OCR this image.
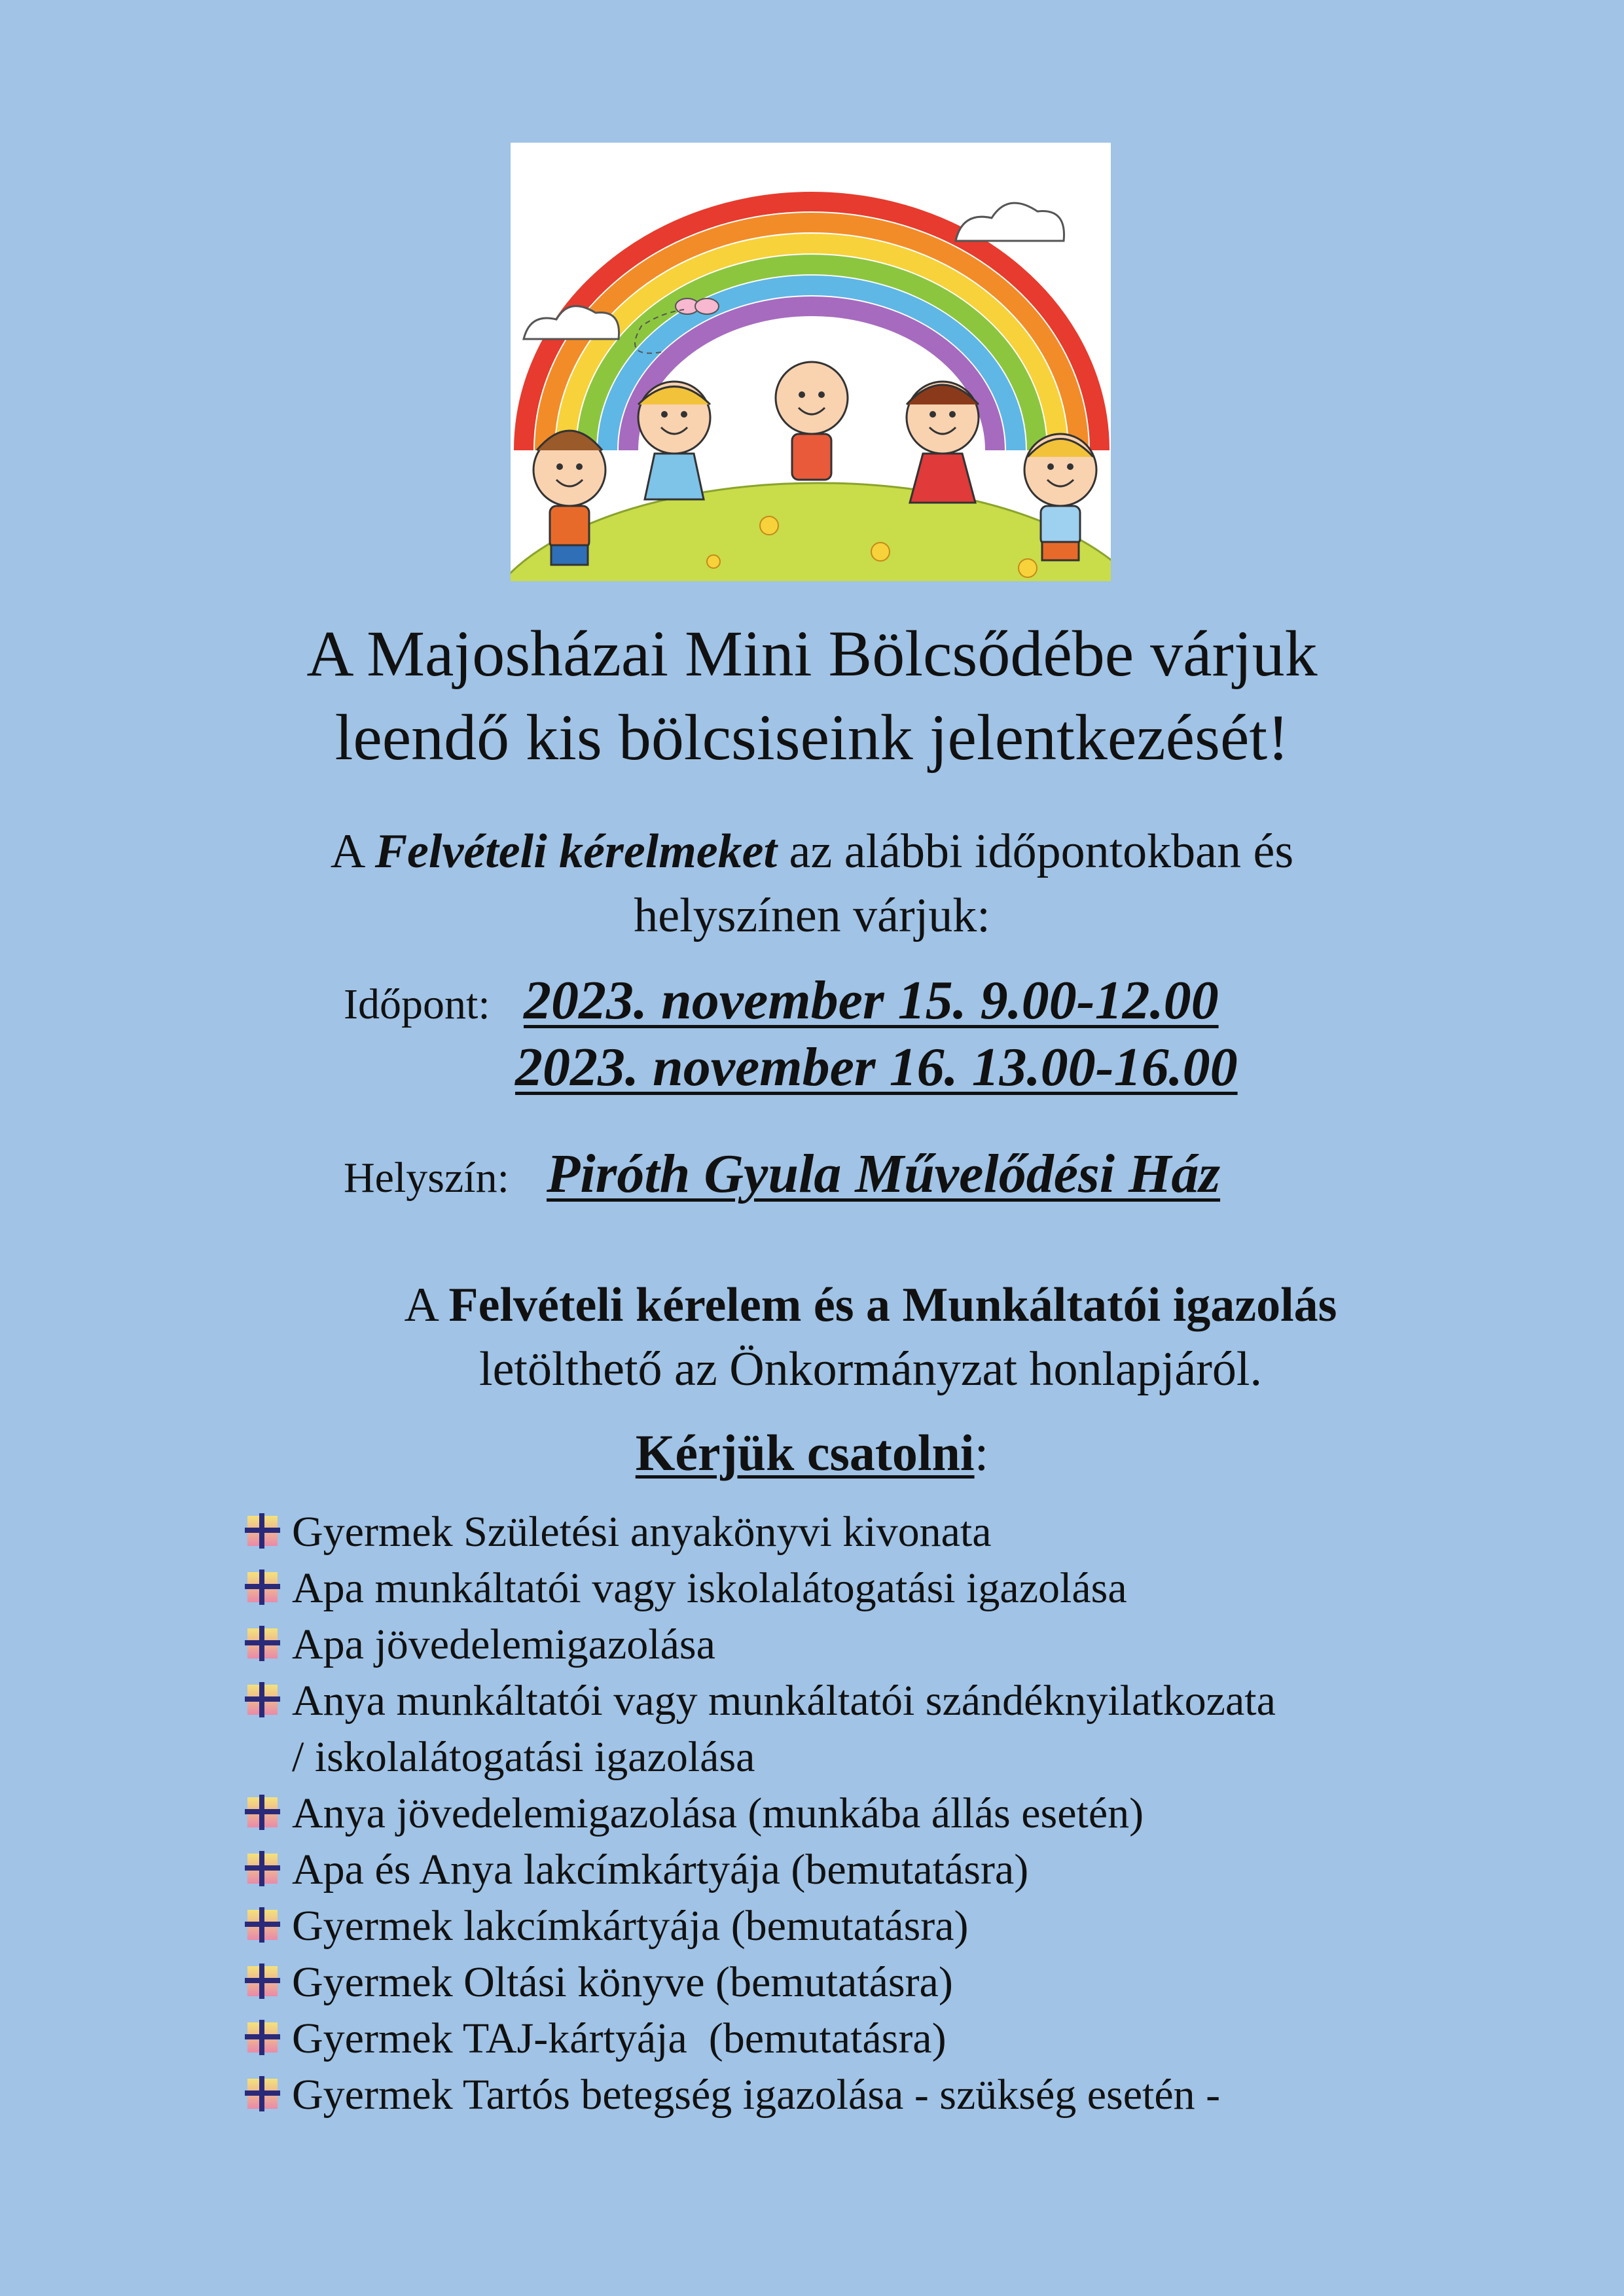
A Majosházai Mini Bölcsődébe várjuk
leendő kis bölcsiseink jelentkezését!
A Felvételi kérelmeket az alábbi időpontokban és
helyszínen várjuk:
Időpont: 2023. november 15. 9.00-12.00
2023. november 16. 13.00-16.00
Helyszín: Piróth Gyula Művelődési Ház
A Felvételi kérelem és a Munkáltatói igazolás
letölthető az Önkormányzat honlapjáról.
Kérjük csatolni:
Gyermek Születési anyakönyvi kivonata
Apa munkáltatói vagy iskolalátogatási igazolása
Apa jövedelemigazolása
Anya munkáltatói vagy munkáltatói szándéknyilatkozata
/ iskolalátogatási igazolása
Anya jövedelemigazolása (munkába állás esetén)
Apa és Anya lakcímkártyája (bemutatásra)
Gyermek lakcímkártyája (bemutatásra)
Gyermek Oltási könyve (bemutatásra)
Gyermek TAJ-kártyája  (bemutatásra)
Gyermek Tartós betegség igazolása - szükség esetén -
